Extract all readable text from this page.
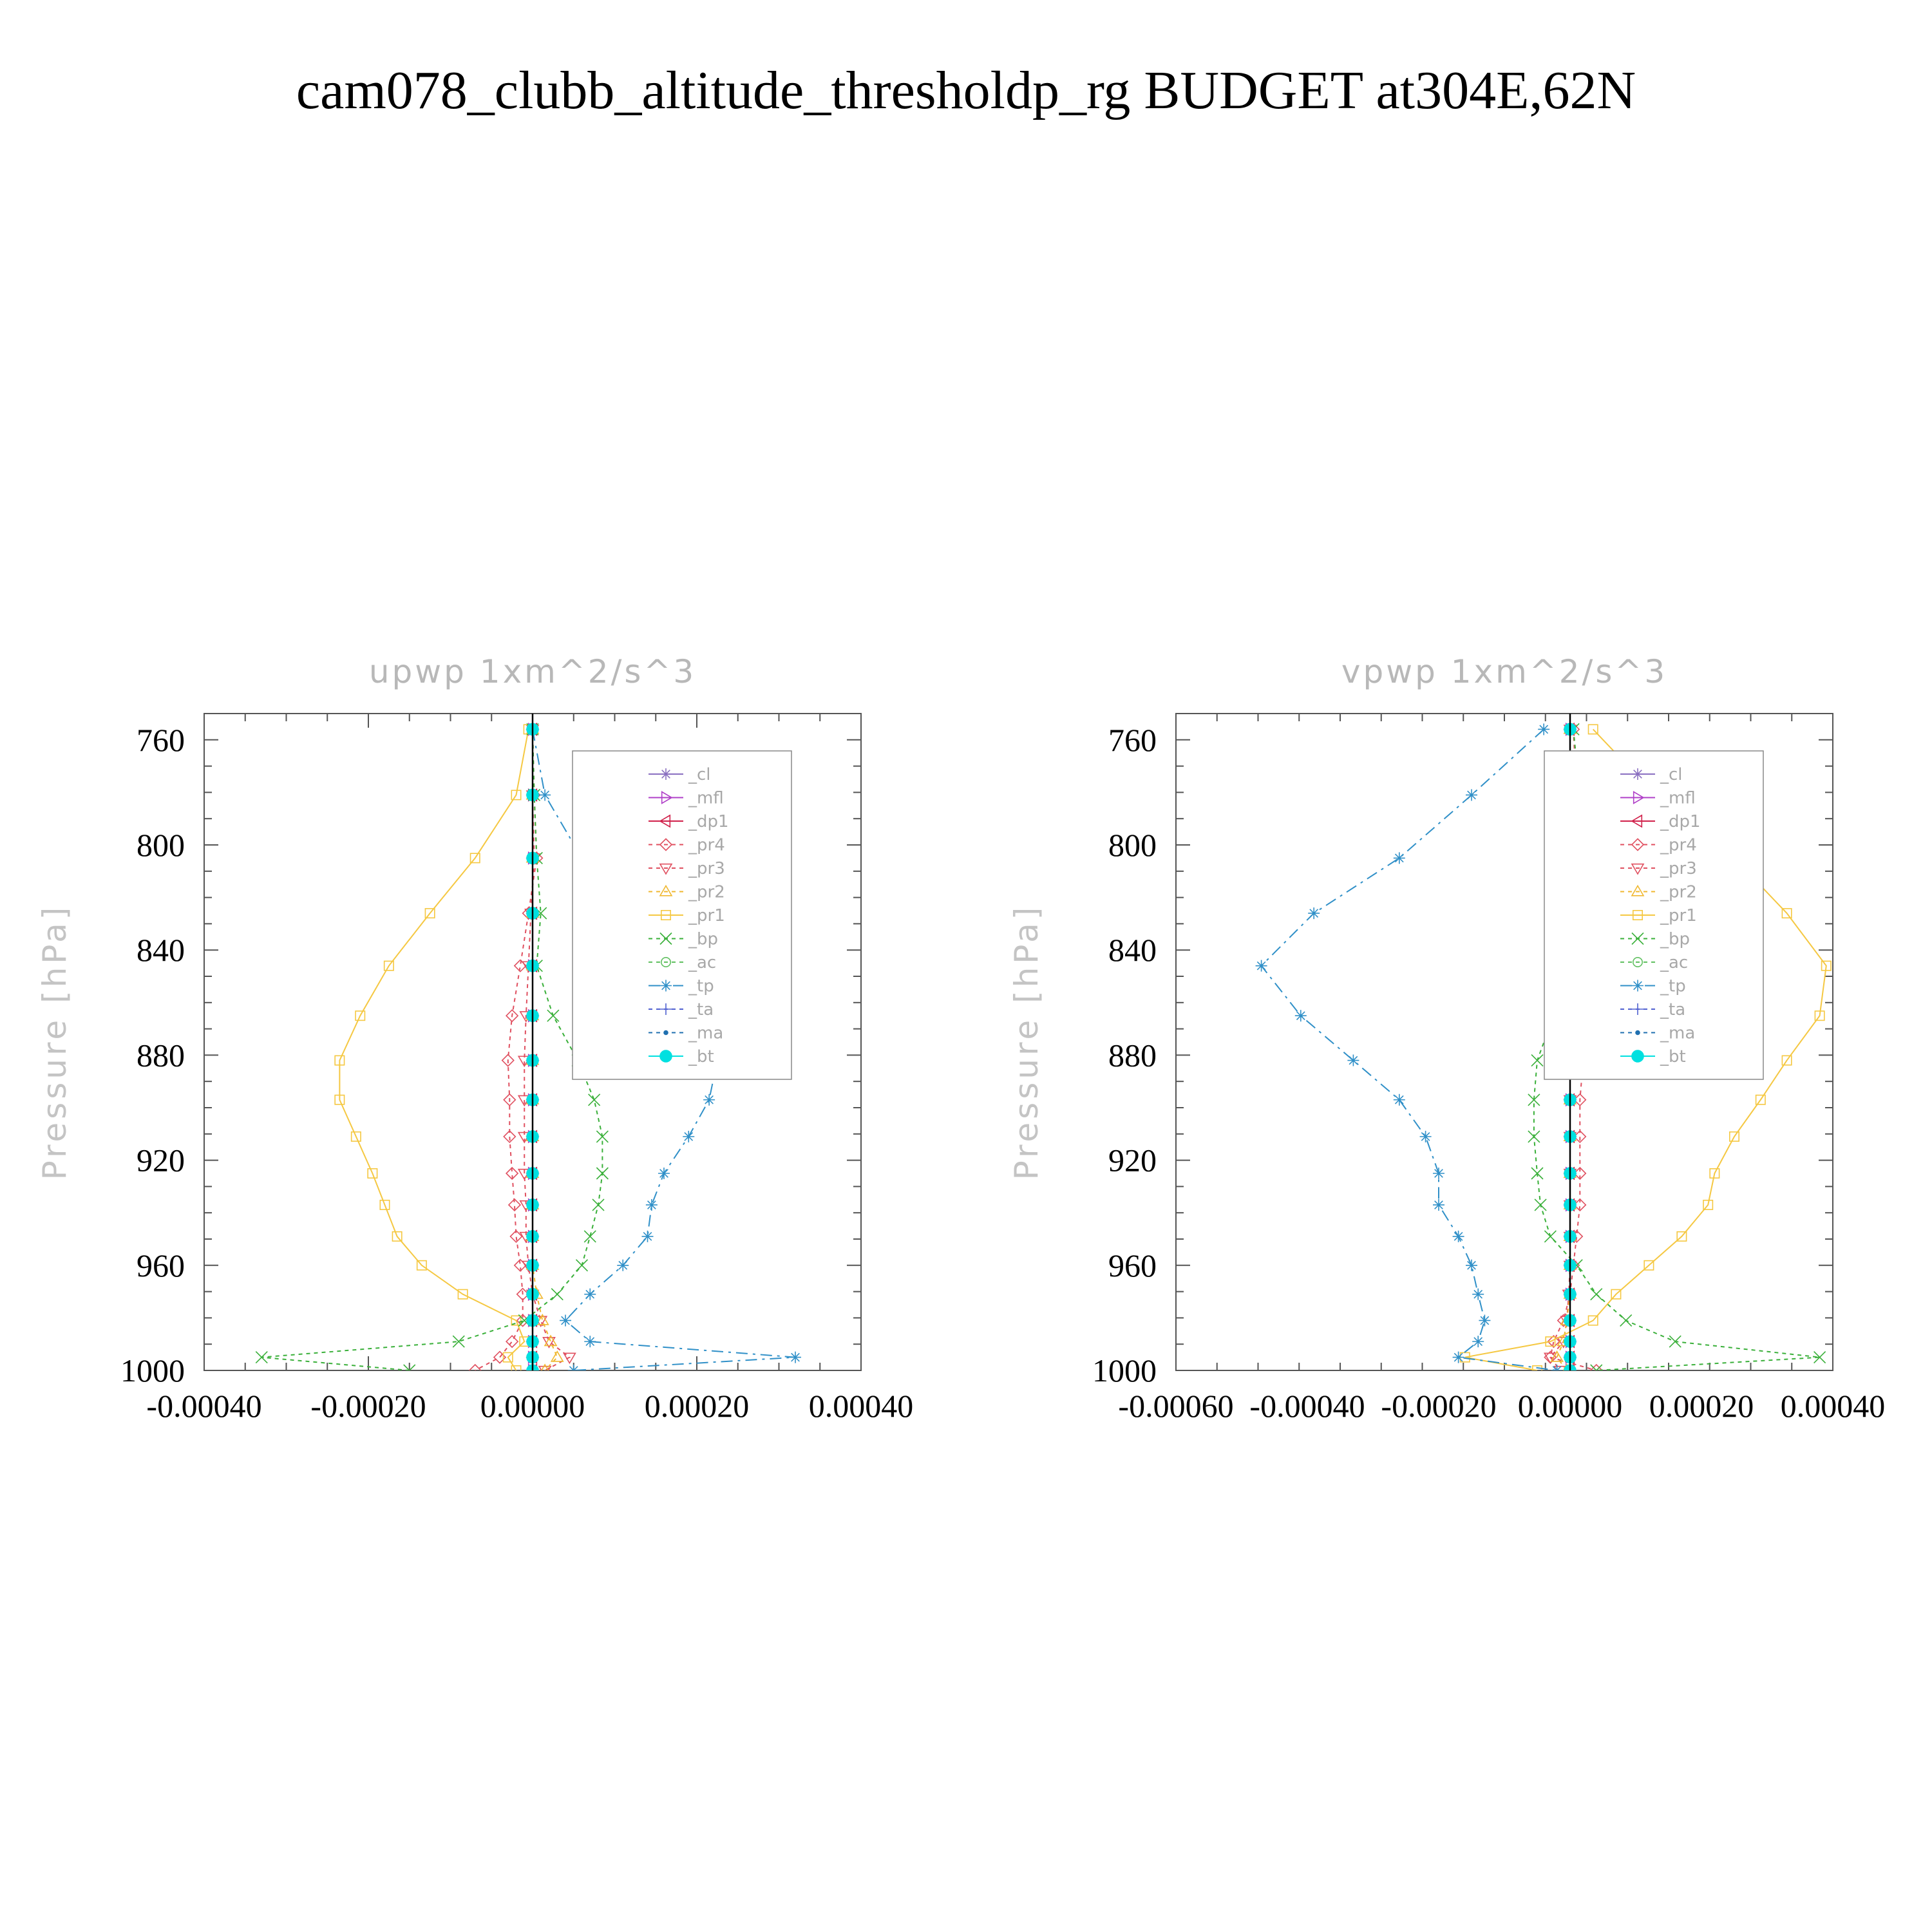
cam078_clubb_altitude_thresholdp_rg BUDGET at304E,62N
upwp 1xm^2/s^3
Pressure [hPa]
-0.00040 -0.00020 0.00000 0.00020 0.00040
760
800
840
880
920
960
1000
_cl
_mfl
_dp1
_pr4
_pr3
_pr2
_pr1
_bp
_ac
_tp
_ta
_ma
_bt
vpwp 1xm^2/s^3
Pressure [hPa]
-0.00060 -0.00040 -0.00020 0.00000 0.00020 0.00040
760
800
840
880
920
960
1000
_cl
_mfl
_dp1
_pr4
_pr3
_pr2
_pr1
_bp
_ac
_tp
_ta
_ma
_bt
